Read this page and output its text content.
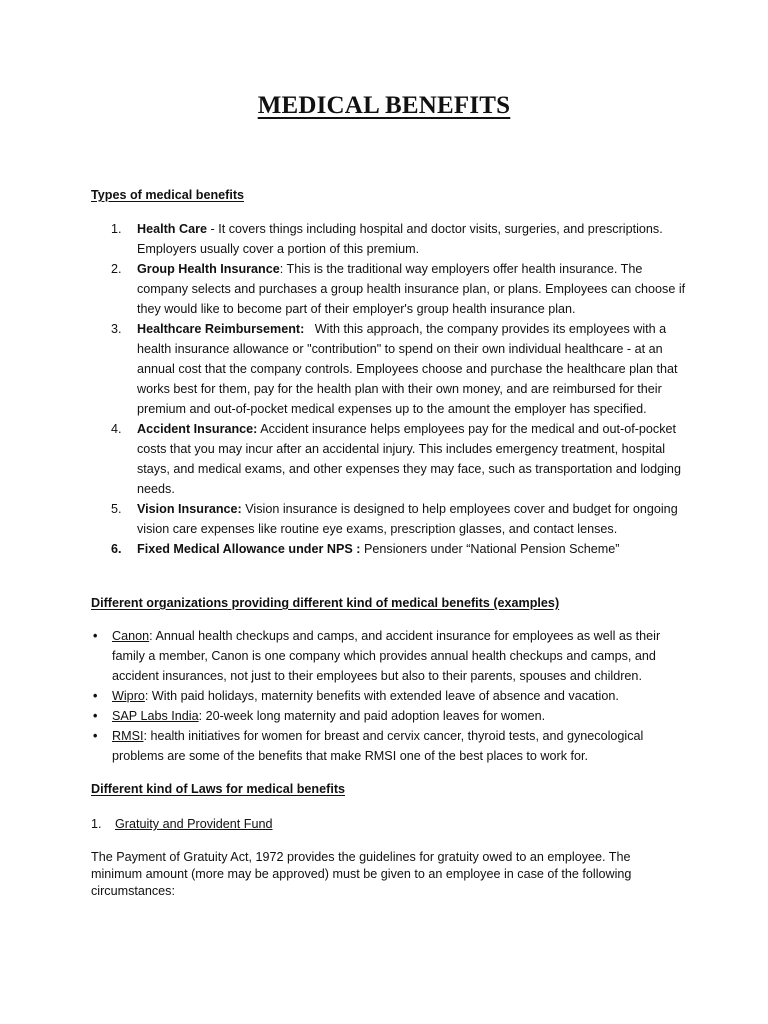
MEDICAL BENEFITS
Types of medical benefits
1. Health Care - It covers things including hospital and doctor visits, surgeries, and prescriptions. Employers usually cover a portion of this premium.
2. Group Health Insurance: This is the traditional way employers offer health insurance. The company selects and purchases a group health insurance plan, or plans. Employees can choose if they would like to become part of their employer's group health insurance plan.
3. Healthcare Reimbursement: With this approach, the company provides its employees with a health insurance allowance or "contribution" to spend on their own individual healthcare - at an annual cost that the company controls. Employees choose and purchase the healthcare plan that works best for them, pay for the health plan with their own money, and are reimbursed for their premium and out-of-pocket medical expenses up to the amount the employer has specified.
4. Accident Insurance: Accident insurance helps employees pay for the medical and out-of-pocket costs that you may incur after an accidental injury. This includes emergency treatment, hospital stays, and medical exams, and other expenses they may face, such as transportation and lodging needs.
5. Vision Insurance: Vision insurance is designed to help employees cover and budget for ongoing vision care expenses like routine eye exams, prescription glasses, and contact lenses.
6. Fixed Medical Allowance under NPS : Pensioners under “National Pension Scheme”
Different organizations providing different kind of medical benefits (examples)
• Canon: Annual health checkups and camps, and accident insurance for employees as well as their family a member, Canon is one company which provides annual health checkups and camps, and accident insurances, not just to their employees but also to their parents, spouses and children.
• Wipro: With paid holidays, maternity benefits with extended leave of absence and vacation.
• SAP Labs India: 20-week long maternity and paid adoption leaves for women.
• RMSI: health initiatives for women for breast and cervix cancer, thyroid tests, and gynecological problems are some of the benefits that make RMSI one of the best places to work for.
Different kind of Laws for medical benefits
1. Gratuity and Provident Fund
The Payment of Gratuity Act, 1972 provides the guidelines for gratuity owed to an employee. The minimum amount (more may be approved) must be given to an employee in case of the following circumstances:
